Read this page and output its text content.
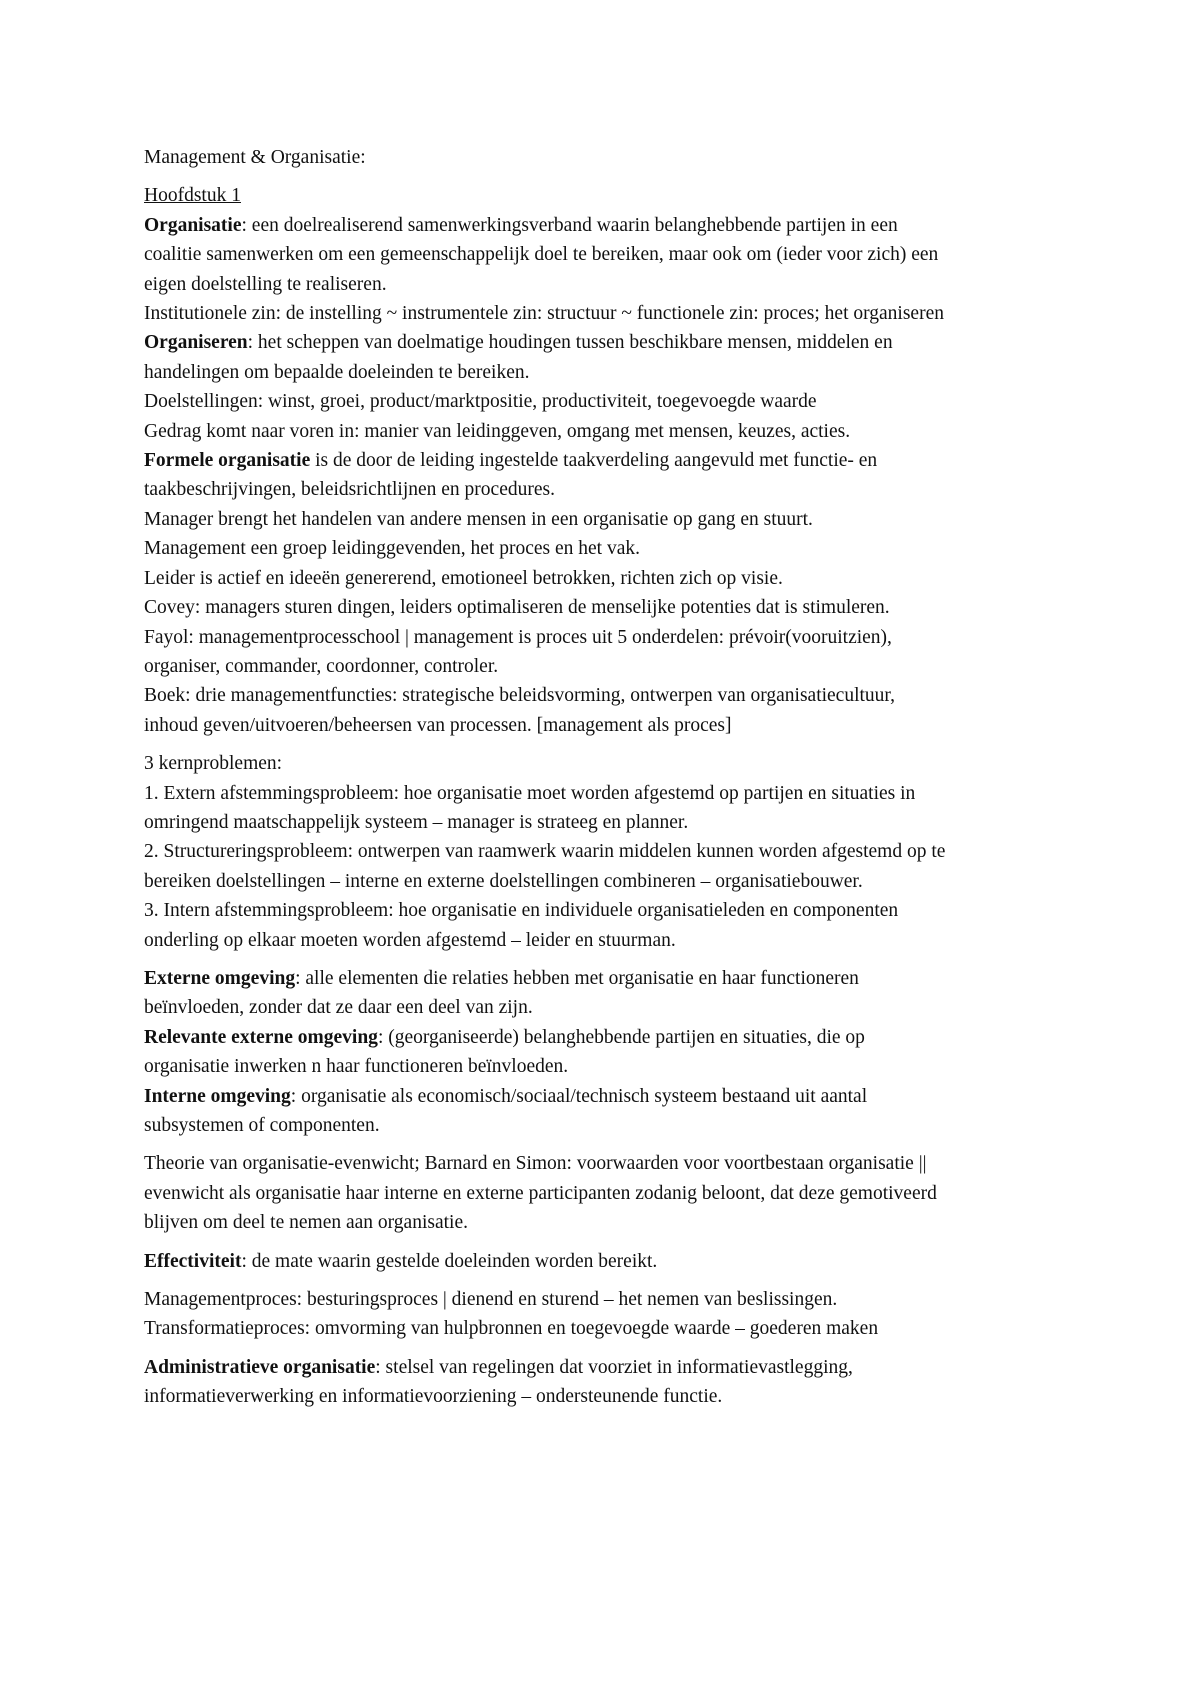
Management & Organisatie:
Hoofdstuk 1
Organisatie: een doelrealiserend samenwerkingsverband waarin belanghebbende partijen in een
coalitie samenwerken om een gemeenschappelijk doel te bereiken, maar ook om (ieder voor zich) een
eigen doelstelling te realiseren.
Institutionele zin: de instelling ~ instrumentele zin: structuur ~ functionele zin: proces; het organiseren
Organiseren: het scheppen van doelmatige houdingen tussen beschikbare mensen, middelen en
handelingen om bepaalde doeleinden te bereiken.
Doelstellingen: winst, groei, product/marktpositie, productiviteit, toegevoegde waarde
Gedrag komt naar voren in: manier van leidinggeven, omgang met mensen, keuzes, acties.
Formele organisatie is de door de leiding ingestelde taakverdeling aangevuld met functie- en
taakbeschrijvingen, beleidsrichtlijnen en procedures.
Manager brengt het handelen van andere mensen in een organisatie op gang en stuurt.
Management een groep leidinggevenden, het proces en het vak.
Leider is actief en ideeën genererend, emotioneel betrokken, richten zich op visie.
Covey: managers sturen dingen, leiders optimaliseren de menselijke potenties dat is stimuleren.
Fayol: managementprocesschool | management is proces uit 5 onderdelen: prévoir(vooruitzien),
organiser, commander, coordonner, controler.
Boek: drie managementfuncties: strategische beleidsvorming, ontwerpen van organisatiecultuur,
inhoud geven/uitvoeren/beheersen van processen. [management als proces]
3 kernproblemen:
1. Extern afstemmingsprobleem: hoe organisatie moet worden afgestemd op partijen en situaties in
omringend maatschappelijk systeem – manager is strateeg en planner.
2. Structureringsprobleem: ontwerpen van raamwerk waarin middelen kunnen worden afgestemd op te
bereiken doelstellingen – interne en externe doelstellingen combineren – organisatiebouwer.
3. Intern afstemmingsprobleem: hoe organisatie en individuele organisatieleden en componenten
onderling op elkaar moeten worden afgestemd – leider en stuurman.
Externe omgeving: alle elementen die relaties hebben met organisatie en haar functioneren
beïnvloeden, zonder dat ze daar een deel van zijn.
Relevante externe omgeving: (georganiseerde) belanghebbende partijen en situaties, die op
organisatie inwerken n haar functioneren beïnvloeden.
Interne omgeving: organisatie als economisch/sociaal/technisch systeem bestaand uit aantal
subsystemen of componenten.
Theorie van organisatie-evenwicht; Barnard en Simon: voorwaarden voor voortbestaan organisatie ||
evenwicht als organisatie haar interne en externe participanten zodanig beloont, dat deze gemotiveerd
blijven om deel te nemen aan organisatie.
Effectiviteit: de mate waarin gestelde doeleinden worden bereikt.
Managementproces: besturingsproces | dienend en sturend – het nemen van beslissingen.
Transformatieproces: omvorming van hulpbronnen en toegevoegde waarde – goederen maken
Administratieve organisatie: stelsel van regelingen dat voorziet in informatievastlegging,
informatieverwerking en informatievoorziening – ondersteunende functie.
